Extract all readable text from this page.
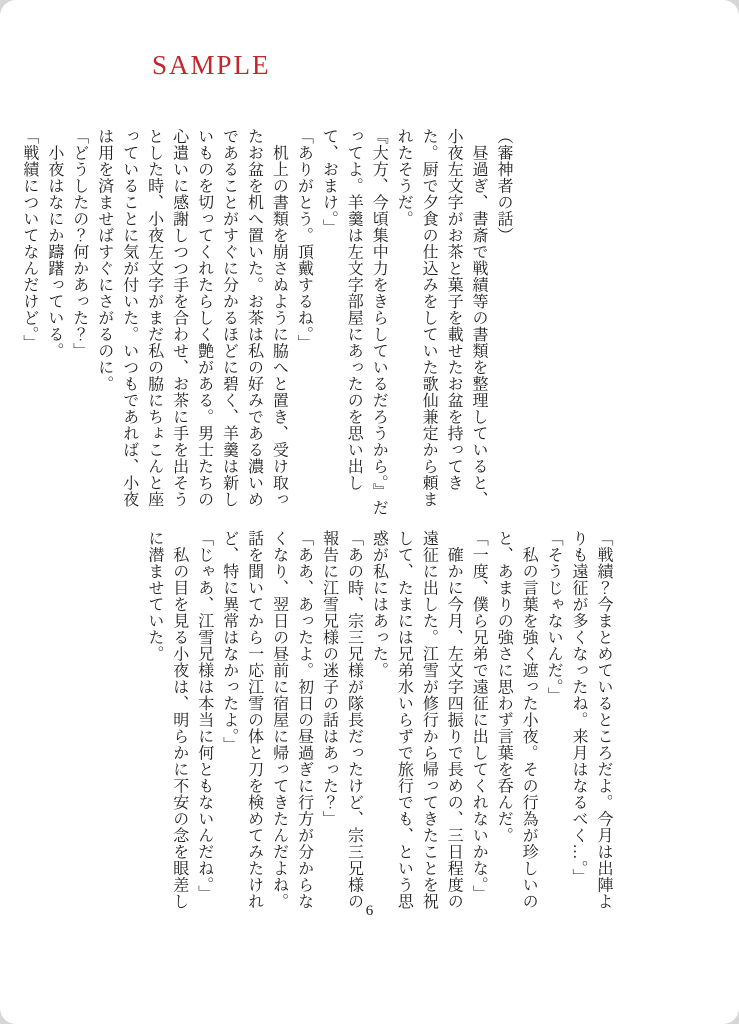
SAMPLE

（審神者の話）

　昼過ぎ、書斎で戦績等の書類を整理していると、小夜左文字がお茶と菓子を載せたお盆を持ってきた。厨で夕食の仕込みをしていた歌仙兼定から頼まれたそうだ。

『大方、今頃集中力をきらしているだろうから。』だってよ。羊羹は左文字部屋にあったのを思い出して、おまけ。」

「ありがとう。頂戴するね。」

　机上の書類を崩さぬように脇へと置き、受け取ったお盆を机へ置いた。お茶は私の好みである濃いめであることがすぐに分かるほどに碧く、羊羹は新しいものを切ってくれたらしく艶がある。男士たちの心遣いに感謝しつつ手を合わせ、お茶に手を出そうとした時、小夜左文字がまだ私の脇にちょこんと座っていることに気が付いた。いつもであれば、小夜は用を済ませばすぐにさがるのに。

「どうしたの？何かあった？」

　小夜はなにか躊躇っている。

「戦績についてなんだけど。」

「戦績？今まとめているところだよ。今月は出陣よりも遠征が多くなったね。来月はなるべく…。」

「そうじゃないんだ。」

　私の言葉を強く遮った小夜。その行為が珍しいのと、あまりの強さに思わず言葉を呑んだ。

「一度、僕ら兄弟で遠征に出してくれないかな。」

　確かに今月、左文字四振りで長めの、三日程度の遠征に出した。江雪が修行から帰ってきたことを祝して、たまには兄弟水いらずで旅行でも、という思惑が私にはあった。

「あの時、宗三兄様が隊長だったけど、宗三兄様の報告に江雪兄様の迷子の話はあった？」

「ああ、あったよ。初日の昼過ぎに行方が分からなくなり、翌日の昼前に宿屋に帰ってきたんだよね。話を聞いてから一応江雪の体と刀を検めてみたけれど、特に異常はなかったよ。」

「じゃあ、江雪兄様は本当に何ともないんだね。」

　私の目を見る小夜は、明らかに不安の念を眼差しに潜ませていた。

6
